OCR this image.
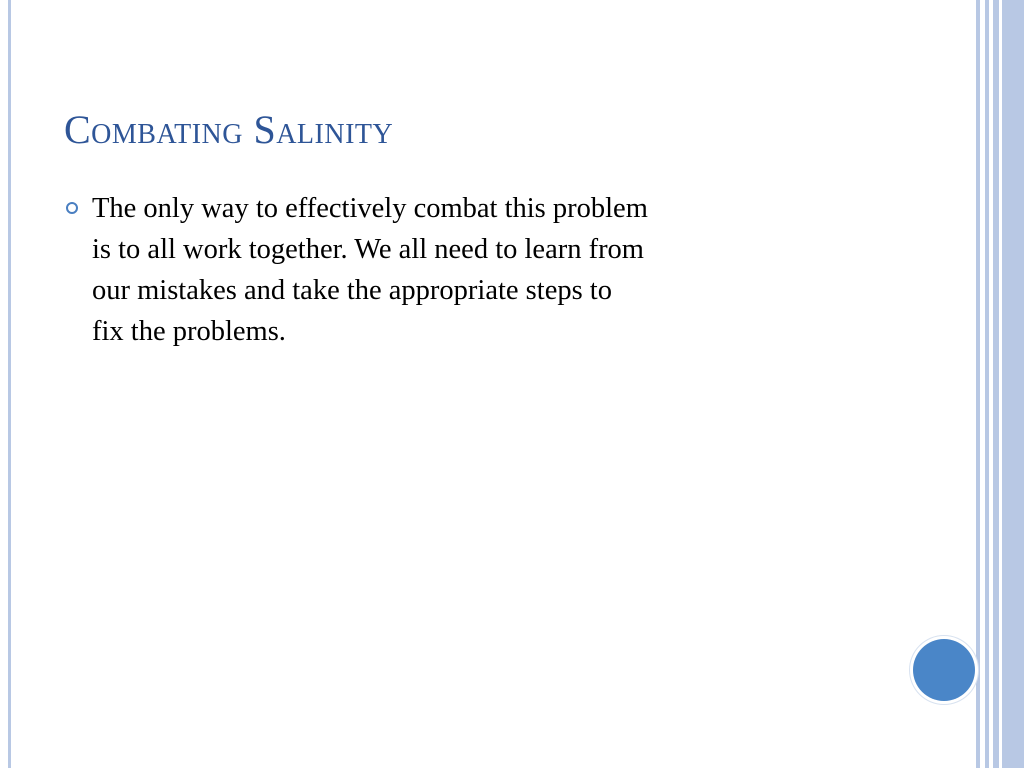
Combating Salinity
The only way to effectively combat this problem
is to all work together. We all need to learn from
our mistakes and take the appropriate steps to
fix the problems.
